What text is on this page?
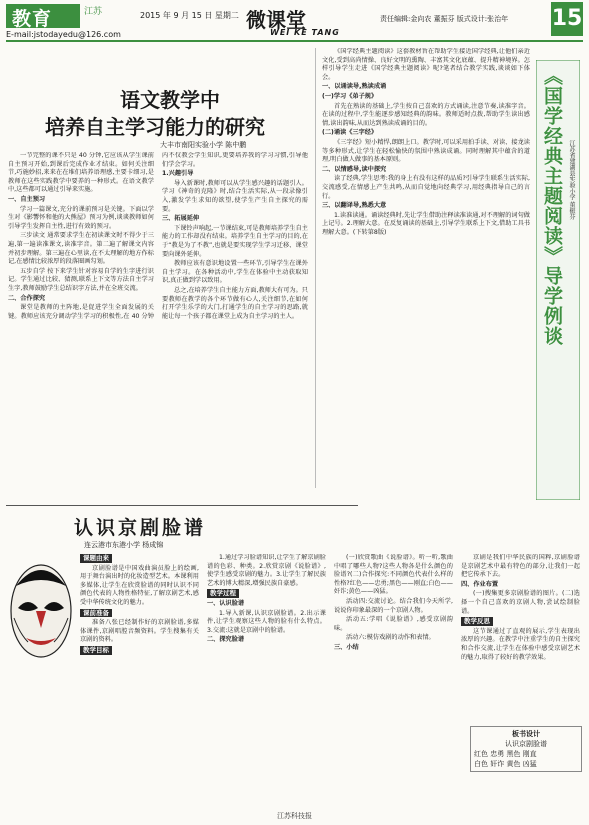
教育	江苏
E-mail:jstodayedu@126.com
2015 年 9 月 15 日 星期二 微课堂
WEI KE TANG
责任编辑:金向农 董振芬 版式设计:张治年 15
语文教学中
培养自主学习能力的研究
大丰市南阳实验小学 陈中鹏

一节完整的课不只是 40 分钟,它应该从学生课前自主预习开始,到课后完成作业才结束。如何关注细节,巧施妙招,来来在在堆们培养语理感,主要卡细习,是教师在这些实践教学中要养的一种形式。在语文教学中,这些都可以通过引导来实施。

一、自主预习

学习一篇课文,充分的课前预习是关键。下面以学生对《影響怀和他的大熊屋》预习为例,谈谈教师如何引导学生发挥自主性,进行有效的预习。

三步读文 通常要求学生在初读课文时不得少于三遍,第一遍读准课文,读准字音。第二遍了解课文内容并初步理解。第三遍在心里读,在不太理解的地方作标记,在感情比较浓厚的段落圈画勾划。

五步自学 按下来学生针对容易自学的生字进行识记。学生通过比较、猜测,联系上下文等方法自主学习生字,教师鼓励学生总结识字方法,并在全班交流。

二、合作探究

课堂是教师的主阵地,是促进学生全面发展的关键。教师应该充分调动学生学习的积极性,在 40 分钟内不仅教会学生知识,更要培养我的学习习惯,引导他们学会学习。

1.兴趣引导

导入新课时,教师可以从学生感兴趣的话题引人。学习《神奇的克隆》时,结合生活实际,从一段录像引入,激发学生求知的欲望,使学生产生自主探究的需要。

三、拓展延伸

下课铃声响起,一节课结束,可是教师培养学生自主能力的工作却没有结束。培养学生自主学习的目的,在于“教是为了不教”,也就是要实现学生学习迁移、课堂要向课外延伸。

教师应该有意识地设置一些环节,引导学生在课外自主学习。在各种活动中,学生在体验中主动获取知识,真正做到学以致用。

总之,在培养学生自主能力方面,教师大有可为。只要教师在教学的各个环节做有心人,关注细节,在如何打开学生乐学的大门,打通学生的自主学习的思路,就能让每一个孩子都在课堂上成为自主学习的主人。	《国学经典主题阅读》导学例谈 江苏省建湖县实验小学 董振芬

《国学经典主题阅读》这套教材旨在帮助学生接近国学经典,让他们亲近文化,受到高尚情操、良好文明的熏陶、丰富其文化底蕴、提升精神境界。怎样引导学生走进《国学经典主题阅读》呢?笔者结合教学实践,谈谈如下体会。

一、以诵读导,熟读成诵

(一)学习《弟子规》

首先在熟读的基础上,学生按自己喜欢的方式诵读,注意节奏,读准字音。在读的过程中,学生能逐步感知经典的韵味。教师适时点拨,帮助学生读出感情,读出韵味,从而达到熟读成诵的目的。

(二)诵读《三字经》

《三字经》短小精悍,朗朗上口。教学时,可以采用拍手读、对读、接龙读等多种形式,让学生在轻松愉快的氛围中熟读成诵。同时理解其中蕴含的道理,明白做人做事的基本原则。

二、以情感导,读中探究

读了经典,学生思考:我的身上有没有这样的品质?引导学生联系生活实际,交流感受,在情感上产生共鸣,从而自觉地向经典学习,用经典指导自己的言行。

三、以翻译导,熟悉大意

1.读准读通。诵读经典时,先让学生借助注释读准读通,对不理解的词句做上记号。2.理解大意。在反复诵读的基础上,引导学生联系上下文,借助工具书理解大意。(下转第8版)

认识京剧脸谱
连云港市东港小学 杨成锦

课题由来

京剧脸谱是中国戏曲演员脸上的绘画,用于舞台演出时的化妆造型艺术。本课利用多媒体,让学生在欣赏脸谱的同时认识不同颜色代表的人物性格特征,了解京剧艺术,感受中华传统文化的魅力。

课前准备

准备八张已经制作好的京剧脸谱,多媒体课件,京剧唱腔音频资料。学生搜集有关京剧的资料。

教学目标

1.通过学习脸谱知识,让学生了解京剧脸谱的色彩、种类。2.欣赏京剧《说脸谱》,使学生感受京剧的魅力。3.让学生了解民族艺术的博大精深,增强民族自豪感。

教学过程

一、认识脸谱

1.导入新课,认识京剧脸谱。2.出示课件,让学生观察这些人物的脸有什么特点。3.交流:这就是京剧中的脸谱。

二、探究脸谱

(一)欣赏歌曲《说脸谱》。听一听,歌曲中唱了哪些人物?这些人物各是什么颜色的脸谱?(二)合作探究:不同颜色代表什么样的性格?红色——忠勇;黑色——刚直;白色——奸诈;黄色——凶猛。

活动四:交流讨论。结合我们今天所学,说说你印象最深的一个京剧人物。

活动五:学唱《说脸谱》,感受京剧韵味。

活动六:模仿戏剧的动作和表情。

三、小结

京剧是我们中华民族的国粹,京剧脸谱是京剧艺术中最有特色的部分,让我们一起把它传承下去。

四、作业布置

(一)搜集更多京剧脸谱的图片。(二)选择一个自己喜欢的京剧人物,尝试绘制脸谱。

教学反思

这节课通过了直观的展示,学生表现出浓厚的兴趣。在教学中注重学生的自主探究和合作交流,让学生在体验中感受京剧艺术的魅力,取得了较好的教学效果。

板书设计
认识京剧脸谱
红色 忠勇 黑色 刚直
白色 奸诈 黄色 凶猛
江苏科技报
